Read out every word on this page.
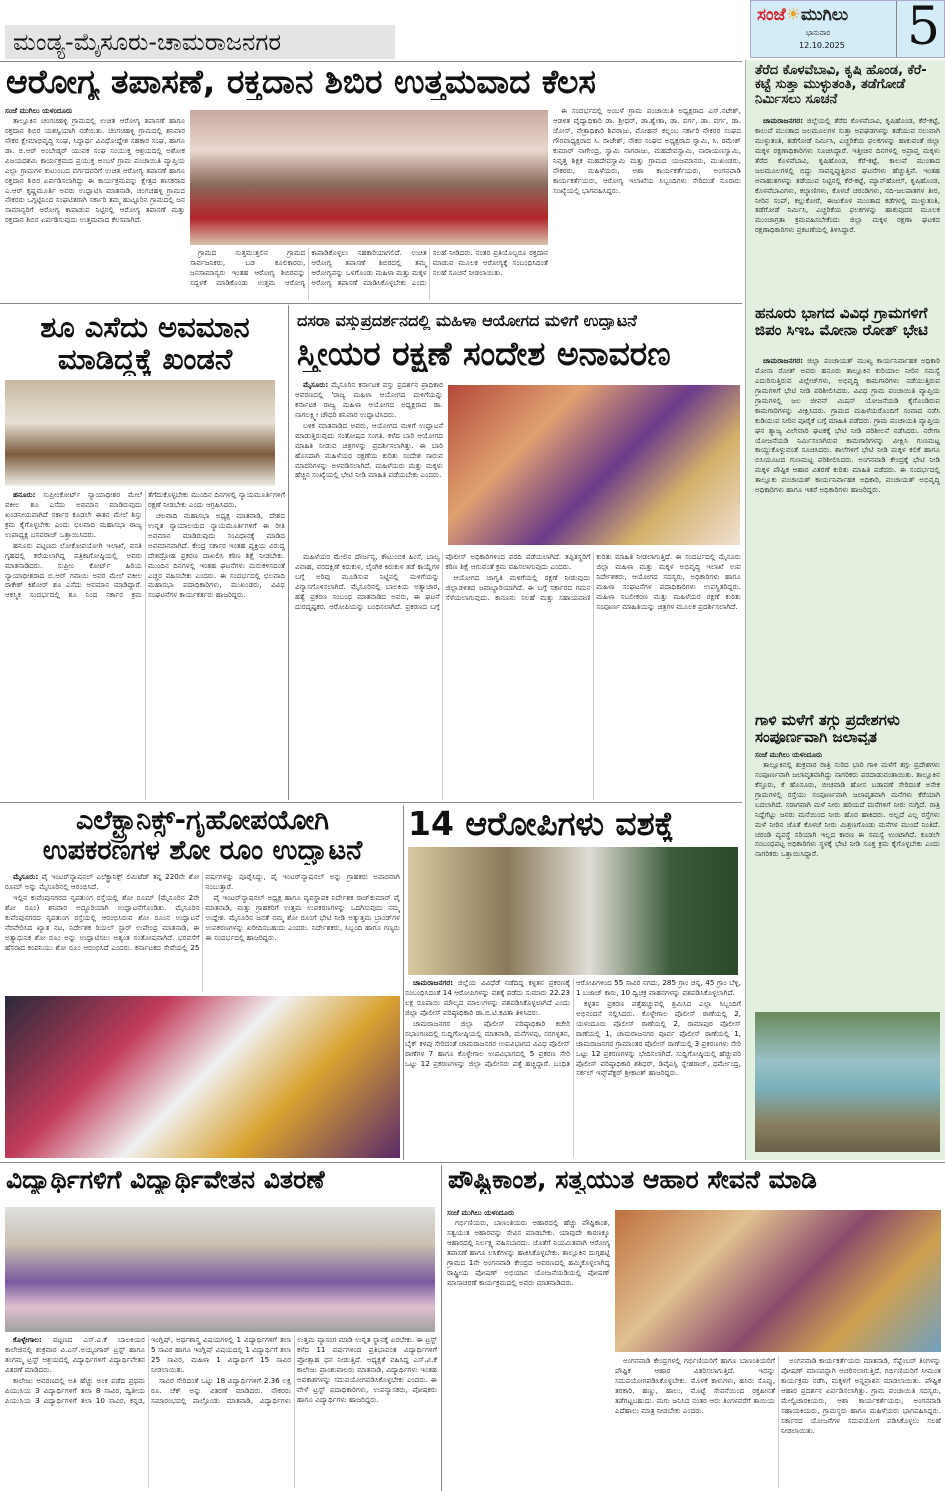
ಮಂಡ್ಯ-ಮೈಸೂರು-ಚಾಮರಾಜನಗರ
ಸಂಜೆ☀ಮುಗಿಲು
ಭಾನುವಾರ
12.10.2025 5
ಆರೋಗ್ಯ ತಪಾಸಣೆ, ರಕ್ತದಾನ ಶಿಬಿರ ಉತ್ತಮವಾದ ಕೆಲಸ
ಸಂಜೆ ಮುಗಿಲು ಯಳಂದೂರು

ತಾಲ್ಲೂಕಿನ ಚಂಗಚಹಳ್ಳಿ ಗ್ರಾಮದಲ್ಲಿ ಉಚಿತ ಆರೋಗ್ಯ ತಪಾಸಣೆ ಹಾಗೂ ರಕ್ತದಾನ ಶಿಬಿರ ಯಶಸ್ವಿಯಾಗಿ ನಡೆಯಿತು. ಚಂಗಚಹಳ್ಳಿ ಗ್ರಾಮದಲ್ಲಿ ಶನಿವಾರ ನೌಕರ ಕ್ಷೇಮಾಭಿವೃದ್ಧಿ ಸಂಘ, ಸಿದ್ಧಾರ್ಥ ವಿವಿಧೋದ್ದೇಶ ಸಹಕಾರ ಸಂಘ, ಹಾಗೂ ಡಾ. ಬಿ.ಆರ್ ಅಂಬೇಡ್ಕರ್ ಯುವಕ ಸಂಘ ಸಂಯುಕ್ತ ಆಶ್ರಯದಲ್ಲಿ ಅಶೋಕ ವಿಜಯದಶಮಿ ಕಾರ್ಯಕ್ರಮದ ಪ್ರಯುಕ್ತ ಅಂಬಳೆ ಗ್ರಾಮ ಪಂಚಾಯಿತಿ ವ್ಯಾಪ್ತಿಯ ಎಲ್ಲಾ ಗ್ರಾಮಗಳ ಕುಟುಂಬದ ವರ್ಗದವರಿಗೆ ಉಚಿತ ಆರೋಗ್ಯ ತಪಾಸಣೆ ಹಾಗೂ ರಕ್ತದಾನ ಶಿಬಿರ ಏರ್ಪಡಿಸಲಾಗಿದ್ದು ಈ ಕಾರ್ಯಕ್ರಮವನ್ನು ಕ್ಷೇತ್ರದ ಶಾಸಕರಾದ ಎ.ಆರ್ ಕೃಷ್ಣಮೂರ್ತಿ ಅವರು ಉದ್ಘಾಟಿಸಿ ಮಾತನಾಡಿ, ಚಂಗಚಹಳ್ಳಿ ಗ್ರಾಮದ ನೌಕರರು ಒಗ್ಗಟ್ಟಿನಿಂದ ಸಂಘಟಿತರಾಗಿ ಸರ್ಕಾರಿ ತಮ್ಮ ಹುಟ್ಟೂರಿನ ಗ್ರಾಮದಲ್ಲಿ ಜನ ಸಾಮಾನ್ಯರಿಗೆ ಆರೋಗ್ಯ ಕಾಪಾಡುವ ನಿಟ್ಟಿನಲ್ಲಿ ಆರೋಗ್ಯ ತಪಾಸಣೆ ಮತ್ತು ರಕ್ತದಾನ ಶಿಬಿರ ಏರ್ಪಡಿಸುವುದು ಉತ್ತಮವಾದ ಕೆಲಸವಾಗಿದೆ.

ಗ್ರಾಮದ ಸುತ್ತಮುತ್ತಲಿನ ಗ್ರಾಮದ ಸಾರ್ವಜನಿಕರು, ಬಡ ಕೂಲಿಕಾರರು, ಜನಸಾಮಾನ್ಯರು ಇಂತಹ ಆರೋಗ್ಯ ಶಿಬಿರವನ್ನು ಸದ್ಬಳಕೆ ಮಾಡಿಕೊಂಡು ಉತ್ತಮ ಆರೋಗ್ಯ ಕಾಪಾಡಿಕೊಳ್ಳಲು ಸಹಕಾರಿಯಾಗಲಿದೆ. ಉಚಿತ ಆರೋಗ್ಯ ತಪಾಸಣೆ ಶಿಬಿರದಲ್ಲಿ ತಮ್ಮ ಆರೋಗ್ಯವನ್ನು ಒಳಗೊಂಡು ಮಹಿಳಾ ಮತ್ತು ಮಕ್ಕಳ ಆರೋಗ್ಯ ತಪಾಸಣೆ ಮಾಡಿಸಿಕೊಳ್ಳಬೇಕು ಎಂದು ಸಲಹೆ ನೀಡಿದರು. ನಂತರ ಪ್ರತಿಯೊಬ್ಬರೂ ರಕ್ತದಾನ ಮಾಡುವ ಮೂಲಕ ಆರೋಗ್ಯಕ್ಕೆ ಸಂಬಂಧಿಸಿದಂತೆ ಸಲಹೆ ಸೂಚನೆ ನೀಡಲಾಯಿತು.

ಈ ಸಂದರ್ಭದಲ್ಲಿ ಅಂಬಳೆ ಗ್ರಾಮ ಪಂಚಾಯಿತಿ ಅಧ್ಯಕ್ಷರಾದ ಎಸ್.ನಟೇಶ್, ಆಡಳಿತ ವೈದ್ಯಾಧಿಕಾರಿ ಡಾ. ಶ್ರೀಧರ್, ಡಾ.ಶ್ವೇತಾ, ಡಾ. ವರ್ಗ, ಡಾ. ವರ್ಗ, ಡಾ. ಜೋಸ್, ನೇತ್ರಾಧಿಕಾರಿ ಶಿವರಾಜು, ಮೋಹನ್ ಕಲ್ಲಂಬ ಸರ್ಕಾರಿ ನೌಕರರ ಸಂಘದ ಗೌರವಾಧ್ಯಕ್ಷರಾದ ಸಿ. ರಾಜೇಶ್, ನೌಕರ ಸಂಘದ ಅಧ್ಯಕ್ಷರಾದ ಸ್ವಾಮಿ, ಸಿ. ರಮೇಶ್ ಕುಮಾರ್ ನಾಗೇಂದ್ರ, ಸ್ವಾಮಿ ನಾಗರಾಜು, ಮಹದೇವಸ್ವಾಮಿ, ನಾರಾಯಣಸ್ವಾಮಿ, ನಿವೃತ್ತ ಶಿಕ್ಷಕ ಮಹದೇವಸ್ವಾಮಿ ಮತ್ತು ಗ್ರಾಮದ ಯಜಮಾನರು, ಮುಖಂಡರು, ನೌಕರರು, ಮಹಿಳೆಯರು, ಆಶಾ ಕಾರ್ಯಕರ್ತೆಯರು, ಅಂಗನವಾಡಿ ಕಾರ್ಯಕರ್ತೆಯರು, ಆರೋಗ್ಯ ಇಲಾಖೆಯ ಸಿಬ್ಬಂದಿಗಳು ಸೇರಿದಂತೆ ನೂರಾರು ಸಂಖ್ಯೆಯಲ್ಲಿ ಭಾಗವಹಿಸಿದ್ದರು.

ಶೂ ಎಸೆದು ಅವಮಾನ
ಮಾಡಿದ್ದಕ್ಕೆ ಖಂಡನೆ

ಹನೂರು: ಸುಪ್ರೀಂಕೋರ್ಟ್ ನ್ಯಾಯಾಧೀಶರ ಮೇಲೆ ವಕೀಲ ಶೂ ಎಸೆದು ಅವಮಾನ ಮಾಡಿರುವುದು ಖಂಡನೀಯವಾಗಿದೆ ಸರ್ಕಾರ ಕೂಡಲೇ ಈತನ ಮೇಲೆ ಶಿಸ್ತು ಕ್ರಮ ಕೈಗೊಳ್ಳಬೇಕು ಎಂದು ಛಲವಾದಿ ಮಹಾಸಭಾ ರಾಜ್ಯ ಉಪಾಧ್ಯಕ್ಷ ಬಸವರಾಜ್ ಒತ್ತಾಯಿಸಿದರು.

ಹನೂರು ಪಟ್ಟಣದ ಲೋಕೋಪಯೋಗಿ ಇಲಾಖೆ, ವಸತಿ ಗೃಹದಲ್ಲಿ ಕರೆಯಲಾಗಿದ್ದ ಪತ್ರಿಕಾಗೋಷ್ಠಿಯಲ್ಲಿ ಅವರು ಮಾತನಾಡಿದರು. ಸುಪ್ರೀಂ ಕೋರ್ಟ್ ಹಿರಿಯ ನ್ಯಾಯಾಧೀಶರಾದ ಬಿ.ಆರ್ ಗವಾಯಿ ಅವರ ಮೇಲೆ ವಕೀಲ ರಾಕೇಶ್ ಕಿಶೋರ್ ಶೂ ಎಸೆದು ಅವಮಾನ ಮಾಡಿದ್ದಾರೆ. ಆಕಸ್ಮಿಕ ಸಂದರ್ಭದಲ್ಲಿ ಶೂ ನಿಂದ ಸರ್ಕಾರ ಕ್ರಮ ತೆಗೆದುಕೊಳ್ಳಬೇಕು ಮುಂದಿನ ದಿನಗಳಲ್ಲಿ ನ್ಯಾಯಮೂರ್ತಿಗಳಿಗೆ ರಕ್ಷಣೆ ನೀಡಬೇಕು ಎಂದು ಆಗ್ರಹಿಸಿದರು.

ಚಲವಾದಿ ಮಹಾಸಭಾ ಅಧ್ಯಕ್ಷ ಮಾತನಾಡಿ, ದೇಶದ ಉನ್ನತ ನ್ಯಾಯಾಲಯದ ನ್ಯಾಯಮೂರ್ತಿಗಳಿಗೆ ಈ ರೀತಿ ಅವಮಾನ ಮಾಡಿರುವುದು ಸಂವಿಧಾನಕ್ಕೆ ಮಾಡಿದ ಅವಮಾನವಾಗಿದೆ. ಕೇಂದ್ರ ಸರ್ಕಾರ ಇಂತಹ ವ್ಯಕ್ತಿಯ ವಿರುದ್ಧ ದೇಶದ್ರೋಹ ಪ್ರಕರಣ ದಾಖಲಿಸಿ ಕಠಿಣ ಶಿಕ್ಷೆ ನೀಡಬೇಕು. ಮುಂದಿನ ದಿನಗಳಲ್ಲಿ ಇಂತಹ ಘಟನೆಗಳು ಮರುಕಳಿಸದಂತೆ ಎಚ್ಚರ ವಹಿಸಬೇಕು ಎಂದರು. ಈ ಸಂದರ್ಭದಲ್ಲಿ ಛಲವಾದಿ ಮಹಾಸಭಾ ಪದಾಧಿಕಾರಿಗಳು, ಮುಖಂಡರು, ವಿವಿಧ ಸಂಘಟನೆಗಳ ಕಾರ್ಯಕರ್ತರು ಹಾಜರಿದ್ದರು.

ದಸರಾ ವಸ್ತುಪ್ರದರ್ಶನದಲ್ಲಿ ಮಹಿಳಾ ಆಯೋಗದ ಮಳಿಗೆ ಉದ್ಘಾಟನೆ
ಸ್ತ್ರೀಯರ ರಕ್ಷಣೆ ಸಂದೇಶ ಅನಾವರಣ

ಮೈಸೂರು: ಮೈಸೂರಿನ ಕರ್ನಾಟಕ ವಸ್ತು ಪ್ರದರ್ಶನ ಪ್ರಾಧಿಕಾರ ಆವರಣದಲ್ಲಿ 'ರಾಜ್ಯ ಮಹಿಳಾ ಆಯೋಗದ ಮಳಿಗೆಯನ್ನು ಕರ್ನಾಟಕ ರಾಜ್ಯ ಮಹಿಳಾ ಆಯೋಗದ ಅಧ್ಯಕ್ಷರಾದ ಡಾ. ನಾಗಲಕ್ಷ್ಮೀ ಚೌಧರಿ ಶನಿವಾರ ಉದ್ಘಾಟಿಸಿದರು.

ಬಳಿಕ ಮಾತನಾಡಿದ ಅವರು, ಆಯೋಗದ ಮಳಿಗೆ ಉದ್ಘಾಟನೆ ಮಾಡುತ್ತಿರುವುದು ಸಂತೋಷದ ಸಂಗತಿ. ಕಳೆದ ಬಾರಿ ಆಯೋಗದ ಮಾಹಿತಿ ನೀಡುವ ಚಿತ್ರಗಳನ್ನು ಪ್ರದರ್ಶಿಸಲಾಗಿತ್ತು. ಈ ಬಾರಿ ಹೊಸದಾಗಿ ಮಹಿಳೆಯರ ರಕ್ಷಣೆಯ ಕುರಿತು ಸಂದೇಶ ಸಾರುವ ಮಾದರಿಗಳನ್ನು ಅಳವಡಿಸಲಾಗಿದೆ. ಮಹಿಳೆಯರು ಮತ್ತು ಮಕ್ಕಳು ಹೆಚ್ಚಿನ ಸಂಖ್ಯೆಯಲ್ಲಿ ಭೇಟಿ ನೀಡಿ ಮಾಹಿತಿ ಪಡೆಯಬೇಕು ಎಂದರು.

ಮಹಿಳೆಯರ ಮೇಲಿನ ದೌರ್ಜನ್ಯ, ಕೌಟುಂಬಿಕ ಹಿಂಸೆ, ಬಾಲ್ಯ ವಿವಾಹ, ವರದಕ್ಷಿಣೆ ಕಿರುಕುಳ, ಲೈಂಗಿಕ ಕಿರುಕುಳ ತಡೆ ಕಾಯ್ದೆಗಳ ಬಗ್ಗೆ ಅರಿವು ಮೂಡಿಸುವ ನಿಟ್ಟಿನಲ್ಲಿ ಮಳಿಗೆಯನ್ನು ವಿನ್ಯಾಸಗೊಳಿಸಲಾಗಿದೆ. ಮೈಸೂರಿನಲ್ಲಿ ಬಾಲಕಿಯ ಅತ್ಯಾಚಾರ, ಹತ್ಯೆ ಪ್ರಕರಣ ಸಂಬಂಧ ಮಾತನಾಡಿದ ಅವರು, ಈ ಘಟನೆ ದುರದೃಷ್ಟಕರ. ಆರೋಪಿಯನ್ನು ಬಂಧಿಸಲಾಗಿದೆ. ಪ್ರಕರಣದ ಬಗ್ಗೆ ಪೊಲೀಸ್ ಅಧಿಕಾರಿಗಳಿಂದ ವರದಿ ಪಡೆಯಲಾಗಿದೆ. ತಪ್ಪಿತಸ್ಥರಿಗೆ ಕಠಿಣ ಶಿಕ್ಷೆ ಆಗುವಂತೆ ಕ್ರಮ ವಹಿಸಲಾಗುವುದು ಎಂದರು.

ಆಯೋಗದ ಜಾಗೃತಿ ಮಳಿಗೆಯಲ್ಲಿ ರಕ್ಷಣೆ ನೀಡುವುದು ಜಿಲ್ಲಾಡಳಿತದ ಜವಾಬ್ದಾರಿಯಾಗಿದೆ. ಈ ಬಗ್ಗೆ ಸರ್ಕಾರದ ಗಮನ ಸೆಳೆಯಲಾಗುವುದು. ಕಾನೂನು ಸಲಹೆ ಮತ್ತು ಸಹಾಯವಾಣಿ ಕುರಿತು ಮಾಹಿತಿ ನೀಡಲಾಗುತ್ತಿದೆ. ಈ ಸಂದರ್ಭದಲ್ಲಿ ಮೈಸೂರು ಜಿಲ್ಲಾ ಮಹಿಳಾ ಮತ್ತು ಮಕ್ಕಳ ಅಭಿವೃದ್ಧಿ ಇಲಾಖೆ ಉಪ ನಿರ್ದೇಶಕರು, ಆಯೋಗದ ಸದಸ್ಯರು, ಅಧಿಕಾರಿಗಳು ಹಾಗೂ ಮಹಿಳಾ ಸಂಘಟನೆಗಳ ಪದಾಧಿಕಾರಿಗಳು ಉಪಸ್ಥಿತರಿದ್ದರು. ಮಹಿಳಾ ಸಬಲೀಕರಣ ಮತ್ತು ಮಹಿಳೆಯರ ರಕ್ಷಣೆ ಕುರಿತು ಸಂಪೂರ್ಣ ಮಾಹಿತಿಯನ್ನು ಚಿತ್ರಗಳ ಮೂಲಕ ಪ್ರದರ್ಶಿಸಲಾಗಿದೆ.

ಎಲೆಕ್ಟ್ರಾನಿಕ್ಸ್-ಗೃಹೋಪಯೋಗಿ
ಉಪಕರಣಗಳ ಶೋ ರೂಂ ಉದ್ಘಾಟನೆ

ಮೈಸೂರು: ಪೈ ಇಂಟರ್‌ನ್ಯಾಷನಲ್ ಎಲೆಕ್ಟ್ರಾನಿಕ್ಸ್ ಲಿಮಿಟೆಡ್ ತನ್ನ 220ನೇ ಶೋ ರೂಮ್ ಅನ್ನು ಮೈಸೂರಿನಲ್ಲಿ ಆರಂಭಿಸಿದೆ.

ಇಲ್ಲಿನ ಕುವೆಂಪುನಗರದ ನೃಪತುಂಗ ರಸ್ತೆಯಲ್ಲಿ ಶೋ ರೂಮ್ (ಮೈಸೂರಿನ 2ನೇ ಶೋ ರೂಂ) ಶನಿವಾರ ಅದ್ದೂರಿಯಾಗಿ ಉದ್ಘಾಟನೆಗೊಂಡಿತು. ಮೈಸೂರಿನ ಕುವೆಂಪುನಗರದ ನೃಪತುಂಗ ರಸ್ತೆಯಲ್ಲಿ ಆರಂಭಿಸಿರುವ ಶೋ ರೂಂನ ಉದ್ಘಾಟನೆ ನೆರವೇರಿಸಿದ ಖ್ಯಾತ ನಟ, ನಿರ್ದೇಶಕ ರಿಯಲ್ ಸ್ಟಾರ್ ಉಪೇಂದ್ರ ಮಾತನಾಡಿ, ಈ ಅತ್ಯಾಧುನಿಕ ಶೋ ರೂಂ ಅನ್ನು ಉದ್ಘಾಟಿಸಲು ಅತ್ಯಂತ ಸಂತೋಷವಾಗಿದೆ. ಭರವಸೆಗೆ ಹೆಸರಾದ ಕಂಪನಿಯು ಶೋ ರೂಂ ಆರಂಭಿಸಿದೆ ಎಂದರು. ಕರ್ನಾಟಕದ ಸೇವೆಯಲ್ಲಿ 25 ವರ್ಷಗಳನ್ನು ಪೂರೈಸಿದ್ದು, ಪೈ ಇಂಟರ್‌ನ್ಯಾಷನಲ್ ಅನ್ನು ಗ್ರಾಹಕರು ಅಪಾರವಾಗಿ ನಂಬುತ್ತಾರೆ.

ಪೈ ಇಂಟರ್‌ನ್ಯಾಷನಲ್ ಅಧ್ಯಕ್ಷ ಹಾಗೂ ವ್ಯವಸ್ಥಾಪಕ ನಿರ್ದೇಶಕ ರಾಜ್‌ಕುಮಾರ್ ಪೈ ಮಾತನಾಡಿ, ಮತ್ತು ಗ್ರಾಹಕರಿಗೆ ಉತ್ತಮ ಉಪಕರಣಗಳನ್ನು ಒದಗಿಸುವುದು ನಮ್ಮ ಉದ್ದೇಶ. ಮೈಸೂರಿನ ಜನತೆ ನಮ್ಮ ಶೋ ರೂಂಗೆ ಭೇಟಿ ನೀಡಿ ಅತ್ಯುತ್ತಮ ಬ್ರಾಂಡ್‌ಗಳ ಉಪಕರಣಗಳನ್ನು ಖರೀದಿಸಬಹುದು ಎಂದರು. ನಿರ್ದೇಶಕರು, ಸಿಬ್ಬಂದಿ ಹಾಗೂ ಗಣ್ಯರು ಈ ಸಂದರ್ಭದಲ್ಲಿ ಹಾಜರಿದ್ದರು.

14 ಆರೋಪಿಗಳು ವಶಕ್ಕೆ

ಚಾಮರಾಜನಗರ: ಜಿಲ್ಲೆಯ ವಿವಿಧೆಡೆ ನಡೆದಿದ್ದ ಕಳ್ಳತನ ಪ್ರಕರಣಕ್ಕೆ ಸಂಬಂಧಿಸಿದಂತೆ 14 ಆರೋಪಿಗಳನ್ನು ವಶಕ್ಕೆ ಪಡೆದು ಸುಮಾರು 22.23 ಲಕ್ಷ ರೂಪಾಯಿ ಮೌಲ್ಯದ ಮಾಲುಗಳನ್ನು ವಶಪಡಿಸಿಕೊಳ್ಳಲಾಗಿದೆ ಎಂದು ಜಿಲ್ಲಾ ಪೊಲೀಸ್ ವರಿಷ್ಠಾಧಿಕಾರಿ ಡಾ.ಬಿ.ಟಿ.ಕವಿತಾ ತಿಳಿಸಿದರು.

ಚಾಮರಾಜನಗರ ಜಿಲ್ಲಾ ಪೊಲೀಸ್ ವರಿಷ್ಠಾಧಿಕಾರಿ ಕಚೇರಿ ಸಭಾಂಗಣದಲ್ಲಿ ಸುದ್ದಿಗೋಷ್ಠಿಯಲ್ಲಿ ಮಾತನಾಡಿ, ಮನೆಗಳವು, ಸರಗಳ್ಳತನ, ಬೈಕ್ ಕಳವು ಸೇರಿದಂತೆ ಚಾಮರಾಜನಗರ ಉಪವಿಭಾಗದ ವಿವಿಧ ಪೊಲೀಸ್ ಠಾಣೆಗಳ 7 ಹಾಗೂ ಕೊಳ್ಳೇಗಾಲ ಉಪವಿಭಾಗದಲ್ಲಿ 5 ಪ್ರಕರಣ ಸೇರಿ ಒಟ್ಟು 12 ಪ್ರಕರಣಗಳನ್ನು ಜಿಲ್ಲಾ ಪೊಲೀಸರು ಪತ್ತೆ ಹಚ್ಚಿದ್ದಾರೆ. ಬಂಧಿತ ಆರೋಪಿಗಳಿಂದ 55 ಸಾವಿರ ನಗದು, 285 ಗ್ರಾಂ ಚಿನ್ನ, 45 ಗ್ರಾಂ ಬೆಳ್ಳಿ, 1 ಬಜಾಜ್ ಕಾರು, 10 ದ್ವಿಚಕ್ರ ವಾಹನಗಳನ್ನು ವಶಪಡಿಸಿಕೊಳ್ಳಲಾಗಿದೆ.

ಕಳ್ಳತನ ಪ್ರಕರಣ ಪತ್ತೆಹಚ್ಚುವಲ್ಲಿ ಶ್ರಮಿಸಿದ ಎಲ್ಲಾ ಸಿಬ್ಬಂದಿಗೆ ಅಭಿನಂದನೆ ಸಲ್ಲಿಸಿದರು. ಕೊಳ್ಳೇಗಾಲ ಪೊಲೀಸ್ ಠಾಣೆಯಲ್ಲಿ 2, ಯಳಂದೂರು ಪೊಲೀಸ್ ಠಾಣೆಯಲ್ಲಿ 2, ರಾಮಾಪುರ ಪೊಲೀಸ್ ಠಾಣೆಯಲ್ಲಿ 1, ಚಾಮರಾಜನಗರ ಪೂರ್ವ ಪೊಲೀಸ್ ಠಾಣೆಯಲ್ಲಿ 1, ಚಾಮರಾಜನಗರ ಗ್ರಾಮಾಂತರ ಪೊಲೀಸ್ ಠಾಣೆಯಲ್ಲಿ 3 ಪ್ರಕರಣಗಳು ಸೇರಿ ಒಟ್ಟು 12 ಪ್ರಕರಣಗಳನ್ನು ಭೇದಿಸಲಾಗಿದೆ. ಸುದ್ದಿಗೋಷ್ಠಿಯಲ್ಲಿ ಹೆಚ್ಚುವರಿ ಪೊಲೀಸ್ ವರಿಷ್ಠಾಧಿಕಾರಿ ಶಶಿಧರ್, ಡಿವೈಎಸ್ಪಿ ಸ್ನೇಹರಾಜ್, ಧರ್ಮೇಂದ್ರ, ಸರ್ಕಲ್ ಇನ್ಸ್‌ಪೆಕ್ಟರ್ ಶ್ರೀಕಾಂತ್ ಹಾಜರಿದ್ದರು.

ತೆರೆದ ಕೊಳವೆಬಾವಿ, ಕೃಷಿ ಹೊಂಡ, ಕೆರೆ-ಕಟ್ಟೆ ಸುತ್ತಾ ಮುಳ್ಳುತಂತಿ, ತಡೆಗೋಡೆ ನಿರ್ಮಿಸಲು ಸೂಚನೆ

ಚಾಮರಾಜನಗರ: ಜಿಲ್ಲೆಯಲ್ಲಿ ತೆರೆದ ಕೊಳವೆಬಾವಿ, ಕೃಷಿಹೊಂಡ, ಕೆರೆ-ಕಟ್ಟೆ, ಕಾಲುವೆ ಮುಂತಾದ ಜಲಮೂಲಗಳ ಸುತ್ತಾ ಅವಘಡಗಳನ್ನು ತಡೆಯುವ ಸಲುವಾಗಿ ಮುಳ್ಳುತಂತಿ, ತಡೆಗೋಡೆ ನಿರ್ಮಿಸಿ, ಎಚ್ಚರಿಕೆಯ ಫಲಕಗಳನ್ನು ಹಾಕುವಂತೆ ಜಿಲ್ಲಾ ಮಕ್ಕಳ ರಕ್ಷಣಾಧಿಕಾರಿಗಳು ಸೂಚಿಸಿದ್ದಾರೆ. ಇತ್ತೀಚಿನ ದಿನಗಳಲ್ಲಿ ಅಪ್ರಾಪ್ತ ಮಕ್ಕಳು ತೆರೆದ ಕೊಳವೆಬಾವಿ, ಕೃಷಿಹೊಂಡ, ಕೆರೆ-ಕಟ್ಟೆ, ಕಾಲುವೆ ಮುಂತಾದ ಜಲಮೂಲಗಳಲ್ಲಿ ಬಿದ್ದು ಸಾವನ್ನಪ್ಪುತ್ತಿರುವ ಘಟನೆಗಳು ಹೆಚ್ಚುತ್ತಿವೆ. ಇಂತಹ ಅನಾಹುತಗಳನ್ನು ತಡೆಯುವ ನಿಟ್ಟಿನಲ್ಲಿ ಕೆರೆ-ಕಟ್ಟೆ, ಮ್ಯಾನ್‌ಹೋಲ್, ಕೃಷಿಹೊಂಡ, ಕೊಳವೆಬಾವಿಗಳು, ಕಲ್ಯಾಣಿಗಳು, ಕೊಳಚೆ ಚರಂಡಿಗಳು, ನದಿ-ಜಲಪಾತಗಳ ತೀರ, ನೀರಿನ ಸಂಪ್, ಕಲ್ಲುಕೋರೆ, ಈಜುಕೊಳ ಮುಂತಾದ ಕಡೆಗಳಲ್ಲಿ ಮುಳ್ಳುತಂತಿ, ತಡೆಗೋಡೆ ನಿರ್ಮಿಸಿ, ಎಚ್ಚರಿಕೆಯ ಫಲಕಗಳನ್ನು ಹಾಕುವುದರ ಮೂಲಕ ಮುಂಜಾಗ್ರತಾ ಕ್ರಮವಹಿಸಬೇಕೆಂದು ಜಿಲ್ಲಾ ಮಕ್ಕಳ ರಕ್ಷಣಾ ಘಟಕದ ರಕ್ಷಣಾಧಿಕಾರಿಗಳು ಪ್ರಕಟಣೆಯಲ್ಲಿ ತಿಳಿಸಿದ್ದಾರೆ.

ಹನೂರು ಭಾಗದ ವಿವಿಧ ಗ್ರಾಮಗಳಿಗೆ ಜಿಪಂ ಸಿಇಒ ಮೋನಾ ರೋತ್ ಭೇಟಿ

ಚಾಮರಾಜನಗರ: ಜಿಲ್ಲಾ ಪಂಚಾಯತ್ ಮುಖ್ಯ ಕಾರ್ಯನಿರ್ವಾಹಕ ಅಧಿಕಾರಿ ಮೋನಾ ರೋತ್ ಅವರು ಹನೂರು ತಾಲ್ಲೂಕಿನ ಕುರಿಯಾಲ ನೀರಿನ ಸಮಸ್ಯೆ ಎದುರಿಸುತ್ತಿರುವ ವಿಲ್ಲೇಜ್‌ಗಳು, ಅಭಿವೃದ್ಧಿ ಕಾಮಗಾರಿಗಳು ನಡೆಯುತ್ತಿರುವ ಗ್ರಾಮಗಳಿಗೆ ಭೇಟಿ ನೀಡಿ ಪರಿಶೀಲಿಸಿದರು. ವಿವಿಧ ಗ್ರಾಮ ಪಂಚಾಯಿತಿ ವ್ಯಾಪ್ತಿಯ ಗ್ರಾಮಗಳಲ್ಲಿ ಜಲ ಜೀವನ್ ಮಿಷನ್ ಯೋಜನೆಯಡಿ ಕೈಗೊಂಡಿರುವ ಕಾಮಗಾರಿಗಳನ್ನು ವೀಕ್ಷಿಸಿದರು. ಗ್ರಾಮದ ಮಹಿಳೆಯರೊಂದಿಗೆ ಸಂವಾದ ನಡೆಸಿ ಕುಡಿಯುವ ನೀರಿನ ಪೂರೈಕೆ ಬಗ್ಗೆ ಮಾಹಿತಿ ಪಡೆದರು. ಗ್ರಾಮ ಪಂಚಾಯತಿ ವ್ಯಾಪ್ತಿಯ ಘನ ತ್ಯಾಜ್ಯ ವಿಲೇವಾರಿ ಘಟಕಕ್ಕೆ ಭೇಟಿ ನೀಡಿ ಪರಿಶೀಲನೆ ನಡೆಸಿದರು. ನರೇಗಾ ಯೋಜನೆಯಡಿ ನಿರ್ಮಿಸಲಾಗಿರುವ ಕಾಮಗಾರಿಗಳನ್ನು ವೀಕ್ಷಿಸಿ ಗುಣಮಟ್ಟ ಕಾಯ್ದುಕೊಳ್ಳುವಂತೆ ಸೂಚಿಸಿದರು. ಶಾಲೆಗಳಿಗೆ ಭೇಟಿ ನೀಡಿ ಮಕ್ಕಳ ಕಲಿಕೆ ಹಾಗೂ ಬಿಸಿಯೂಟದ ಗುಣಮಟ್ಟ ಪರಿಶೀಲಿಸಿದರು. ಅಂಗನವಾಡಿ ಕೇಂದ್ರಕ್ಕೆ ಭೇಟಿ ನೀಡಿ ಮಕ್ಕಳ ಪೌಷ್ಟಿಕ ಆಹಾರ ವಿತರಣೆ ಕುರಿತು ಮಾಹಿತಿ ಪಡೆದರು. ಈ ಸಂದರ್ಭದಲ್ಲಿ ತಾಲ್ಲೂಕು ಪಂಚಾಯತ್ ಕಾರ್ಯನಿರ್ವಾಹಕ ಅಧಿಕಾರಿ, ಪಂಚಾಯತ್ ಅಭಿವೃದ್ಧಿ ಅಧಿಕಾರಿಗಳು ಹಾಗೂ ಇತರೆ ಅಧಿಕಾರಿಗಳು ಹಾಜರಿದ್ದರು.

ಗಾಳಿ ಮಳೆಗೆ ತಗ್ಗು ಪ್ರದೇಶಗಳು ಸಂಪೂರ್ಣವಾಗಿ ಜಲಾವೃತ
ಸಂಜೆ ಮುಗಿಲು ಯಳಂದೂರು

ತಾಲ್ಲೂಕಿನಲ್ಲಿ ಶುಕ್ರವಾರ ರಾತ್ರಿ ಸುರಿದ ಭಾರಿ ಗಾಳಿ ಮಳೆಗೆ ತಗ್ಗು ಪ್ರದೇಶಗಳು ಸಂಪೂರ್ಣವಾಗಿ ಜಲಾವೃತವಾಗಿದ್ದು ನಾಗರಿಕರು ಪರದಾಡುವಂತಾಯಿತು. ತಾಲ್ಲೂಕಿನ ಕೆಸ್ತೂರು, ಕೆ ಹೊಸೂರು, ಬೀಚವಾಡಿ ಹೋಸ ಬಡಾವಣೆ ಸೇರಿದಂತೆ ಅನೇಕ ಗ್ರಾಮಗಳಲ್ಲಿ ರಸ್ತೆಯು ಸಂಪೂರ್ಣವಾಗಿ ಜಲಾವೃತವಾಗಿ ಮನೆಗಳು ಕೆರೆಯಾಗಿ ಬದಲಾಗಿದೆ. ಸರಾಗವಾಗಿ ಮಳೆ ನೀರು ಹರಿಯದೆ ಮನೆಗಳಿಗೆ ನೀರು ನುಗ್ಗಿದೆ. ರಾತ್ರಿ ನಿದ್ದೆಗೆಟ್ಟು ಜನರು ಮನೆಯಿಂದ ನೀರು ಹೊರ ಹಾಕಿದರು. ಅಲ್ಲದೆ ಎಲ್ಲ ರಸ್ತೆಗಳು ಮಳೆ ನೀರಿನ ಜೊತೆ ಕೊಳಚೆ ನೀರು ಮಿಶ್ರಣಗೊಂಡು ಮನೆಗಳ ಮುಂದೆ ನಿಂತಿದೆ. ಚರಂಡಿ ವ್ಯವಸ್ಥೆ ಸರಿಯಾಗಿ ಇಲ್ಲದ ಕಾರಣ ಈ ಸಮಸ್ಯೆ ಉಂಟಾಗಿದೆ. ಕೂಡಲೇ ಸಂಬಂಧಪಟ್ಟ ಅಧಿಕಾರಿಗಳು ಸ್ಥಳಕ್ಕೆ ಭೇಟಿ ನೀಡಿ ಸೂಕ್ತ ಕ್ರಮ ಕೈಗೊಳ್ಳಬೇಕು ಎಂದು ನಾಗರಿಕರು ಒತ್ತಾಯಿಸಿದ್ದಾರೆ.

ವಿದ್ಯಾರ್ಥಿಗಳಿಗೆ ವಿದ್ಯಾರ್ಥಿವೇತನ ವಿತರಣೆ

ಕೊಳ್ಳೇಗಾಲ: ಪಟ್ಟಣದ ಎಸ್.ವಿ.ಕೆ ಬಾಲಕಿಯರ ಕಾಲೇಜಿನಲ್ಲಿ ಶುಕ್ರವಾರ ವಿ.ಎಸ್.ಅಯ್ಯಂಗಾರ್ ಟ್ರಸ್ಟ್ ಹಾಗೂ ತಂಗಮ್ಮ ಟ್ರಸ್ಟ್ ಆಶ್ರಯದಲ್ಲಿ ವಿದ್ಯಾರ್ಥಿಗಳಿಗೆ ವಿದ್ಯಾರ್ಥಿವೇತನ ವಿತರಣೆ ಮಾಡಿದರು.

ಕಾಲೇಜು ಆವರಣದಲ್ಲಿ ಅತಿ ಹೆಚ್ಚು ಅಂಕ ಪಡೆದ ಪ್ರಥಮ ಪಿಯುಸಿಯ 3 ವಿದ್ಯಾರ್ಥಿಗಳಿಗೆ ತಲಾ 8 ಸಾವಿರ, ದ್ವಿತೀಯ ಪಿಯುಸಿಯ 3 ವಿದ್ಯಾರ್ಥಿಗಳಿಗೆ ತಲಾ 10 ಸಾವಿರ, ಕನ್ನಡ, ಇಂಗ್ಲಿಷ್, ಅರ್ಥಶಾಸ್ತ್ರ ವಿಷಯಗಳಲ್ಲಿ 1 ವಿದ್ಯಾರ್ಥಿಗಳಿಗೆ ತಲಾ 5 ಸಾವಿರ ಹಾಗೂ ಇಂಗ್ಲಿಷ್ ವಿಷಯದಲ್ಲಿ 1 ವಿದ್ಯಾರ್ಥಿಗೆ ತಲಾ 25 ಸಾವಿರ, ಮಹಿಳಾ 1 ವಿದ್ಯಾರ್ಥಿಗೆ 15 ಸಾವಿರ ನೀಡಲಾಯಿತು.

ಸಾವಿರ ಸೇರಿದಂತೆ ಒಟ್ಟು 18 ವಿದ್ಯಾರ್ಥಿಗಳಿಗೆ 2.36 ಲಕ್ಷ ರೂ. ಚೆಕ್ ಅನ್ನು ವಿತರಣೆ ಮಾಡಿದರು. ನೌಕರರು ಸಮಾರಂಭದಲ್ಲಿ ಪಾಲ್ಗೊಂಡು ಮಾತನಾಡಿ, ವಿದ್ಯಾರ್ಥಿಗಳು ಉತ್ತಮ ವ್ಯಾಸಂಗ ಮಾಡಿ ಉನ್ನತ ಸ್ಥಾನಕ್ಕೆ ಏರಬೇಕು. ಈ ಟ್ರಸ್ಟ್ ಕಳೆದ 11 ವರ್ಷಗಳಿಂದ ಪ್ರತಿಭಾವಂತ ವಿದ್ಯಾರ್ಥಿಗಳಿಗೆ ಪ್ರೋತ್ಸಾಹ ಧನ ನೀಡುತ್ತಿದೆ. ಅಧ್ಯಕ್ಷತೆ ವಹಿಸಿದ್ದ ಎಸ್.ವಿ.ಕೆ ಕಾಲೇಜು ಪ್ರಾಂಶುಪಾಲರು ಮಾತನಾಡಿ, ವಿದ್ಯಾರ್ಥಿಗಳು ಇಂತಹ ಅವಕಾಶಗಳನ್ನು ಸದುಪಯೋಗಪಡಿಸಿಕೊಳ್ಳಬೇಕು ಎಂದರು. ಈ ವೇಳೆ ಟ್ರಸ್ಟ್ ಪದಾಧಿಕಾರಿಗಳು, ಉಪನ್ಯಾಸಕರು, ಪೋಷಕರು ಹಾಗೂ ವಿದ್ಯಾರ್ಥಿಗಳು ಹಾಜರಿದ್ದರು.

ಪೌಷ್ಟಿಕಾಂಶ, ಸತ್ವಯುತ ಆಹಾರ ಸೇವನೆ ಮಾಡಿ
ಸಂಜೆ ಮುಗಿಲು ಯಳಂದೂರು

ಗರ್ಭಿಣಿಯರು, ಬಾಣಂತಿಯರು ಆಹಾರದಲ್ಲಿ ಹೆಚ್ಚು ಪೌಷ್ಟಿಕಾಂಶ, ಸತ್ವಯುತ ಆಹಾರವನ್ನು ಸೇವಿಸ ಮಾಡಬೇಕು. ಯಾವುದೇ ಕಾರಣಕ್ಕೂ ಆಹಾರದಲ್ಲಿ ನಿರ್ಲಕ್ಷ್ಯ ವಹಿಸಬಾರದು. ಜೊತೆಗೆ ನಿಯಮಿತವಾಗಿ ಆರೋಗ್ಯ ತಪಾಸಣೆ ಹಾಗೂ ಲಸಿಕೆಗಳನ್ನು ಹಾಕಿಸಿಕೊಳ್ಳಬೇಕು. ತಾಲ್ಲೂಕಿನ ದುಗ್ಗಹಟ್ಟಿ ಗ್ರಾಮದ 1ನೇ ಅಂಗನವಾಡಿ ಕೇಂದ್ರದ ಆವರಣದಲ್ಲಿ ಹಮ್ಮಿಕೊಳ್ಳಲಾಗಿದ್ದ ರಾಷ್ಟ್ರೀಯ ಪೋಷಣ್ ಅಭಿಯಾನ ಯೋಜನೆಯಡಿಯಲ್ಲಿ ಪೋಷಣ್ ಮಾಸಾಚರಣೆ ಕಾರ್ಯಕ್ರಮದಲ್ಲಿ ಅವರು ಮಾತನಾಡಿದರು.

ಅಂಗನವಾಡಿ ಕೇಂದ್ರಗಳಲ್ಲಿ ಗರ್ಭಿಣಿಯರಿಗೆ ಹಾಗೂ ಬಾಣಂತಿಯರಿಗೆ ಪೌಷ್ಟಿಕ ಆಹಾರ ವಿತರಿಸಲಾಗುತ್ತಿದೆ. ಇದನ್ನು ಸದುಪಯೋಗಪಡಿಸಿಕೊಳ್ಳಬೇಕು. ಮೊಳಕೆ ಕಾಳುಗಳು, ಹಸಿರು ಸೊಪ್ಪು, ತರಕಾರಿ, ಹಣ್ಣು, ಹಾಲು, ಮೊಟ್ಟೆ ಸೇವನೆಯಿಂದ ರಕ್ತಹೀನತೆ ತಡೆಗಟ್ಟಬಹುದು. ಮಗು ಜನಿಸಿದ ನಂತರ ಆರು ತಿಂಗಳವರೆಗೆ ತಾಯಿಯ ಎದೆಹಾಲು ಮಾತ್ರ ನೀಡಬೇಕು ಎಂದರು.

ಅಂಗನವಾಡಿ ಕಾರ್ಯಕರ್ತೆಯರು ಮಾತನಾಡಿ, ಸೆಪ್ಟೆಂಬರ್ ತಿಂಗಳನ್ನು ಪೋಷಣ್ ಮಾಸವನ್ನಾಗಿ ಆಚರಿಸಲಾಗುತ್ತಿದೆ. ಗರ್ಭಿಣಿಯರಿಗೆ ಸೀಮಂತ ಕಾರ್ಯಕ್ರಮ ನಡೆಸಿ, ಮಕ್ಕಳಿಗೆ ಅನ್ನಪ್ರಾಶನ ಮಾಡಲಾಯಿತು. ಪೌಷ್ಟಿಕ ಆಹಾರ ಪ್ರದರ್ಶನ ಏರ್ಪಡಿಸಲಾಗಿತ್ತು. ಗ್ರಾಮ ಪಂಚಾಯಿತಿ ಸದಸ್ಯರು, ಮೇಲ್ವಿಚಾರಕಿಯರು, ಆಶಾ ಕಾರ್ಯಕರ್ತೆಯರು, ಅಂಗನವಾಡಿ ಸಹಾಯಕಿಯರು, ಗ್ರಾಮಸ್ಥರು ಹಾಗೂ ಮಹಿಳೆಯರು ಭಾಗವಹಿಸಿದ್ದರು. ಸರ್ಕಾರದ ಯೋಜನೆಗಳ ಸದುಪಯೋಗ ಪಡಿಸಿಕೊಳ್ಳಲು ಸಲಹೆ ನೀಡಲಾಯಿತು.
